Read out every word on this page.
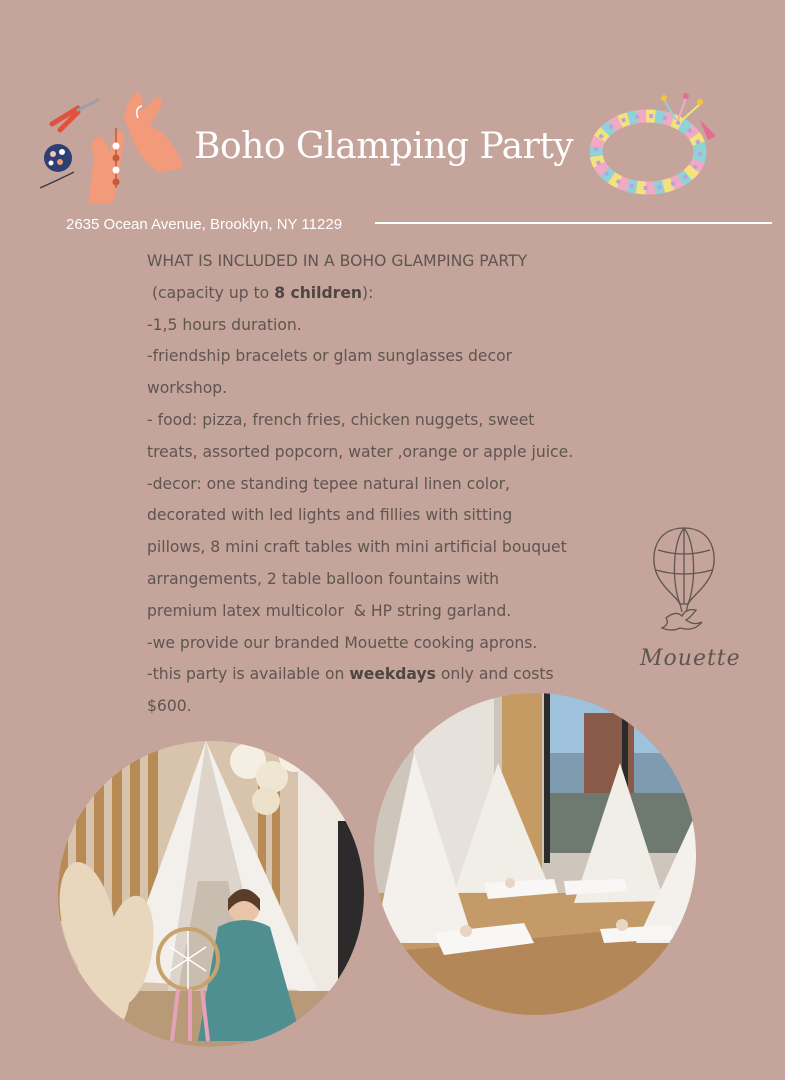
Boho Glamping Party
2635 Ocean Avenue, Brooklyn, NY 11229

WHAT IS INCLUDED IN A BOHO GLAMPING PARTY

(capacity up to 8 children):

-1,5 hours duration.

-friendship bracelets or glam sunglasses decor

workshop.

- food: pizza, french fries, chicken nuggets, sweet

treats, assorted popcorn, water ,orange or apple juice.

-decor: one standing tepee natural linen color,

decorated with led lights and fillies with sitting

pillows, 8 mini craft tables with mini artificial bouquet

arrangements, 2 table balloon fountains with

premium latex multicolor  & HP string garland.

-we provide our branded Mouette cooking aprons.

-this party is available on weekdays only and costs

$600.

Mouette
